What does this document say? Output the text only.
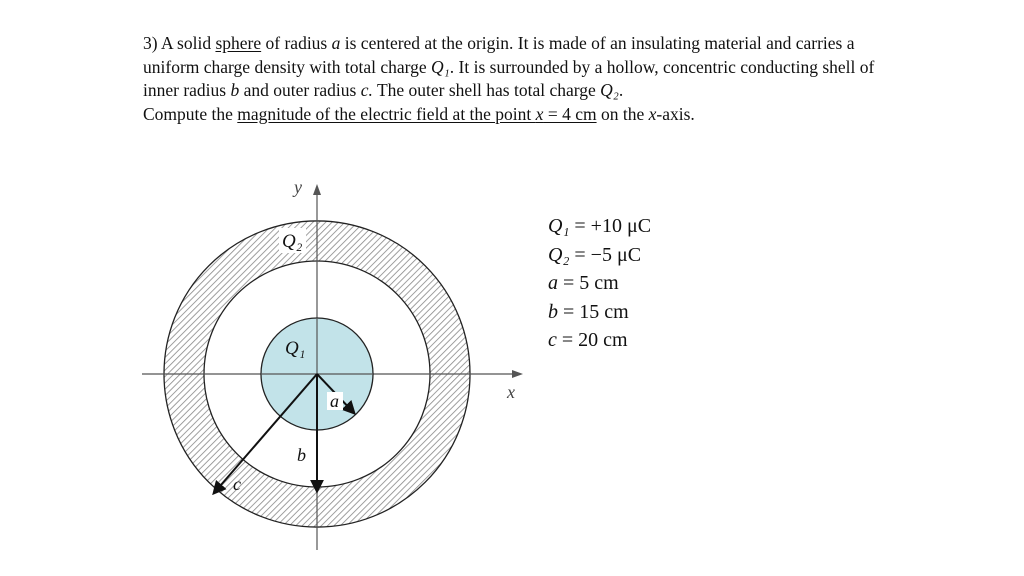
3) A solid sphere of radius a is centered at the origin. It is made of an insulating material and carries a uniform charge density with total charge Q₁. It is surrounded by a hollow, concentric conducting shell of inner radius b and outer radius c. The outer shell has total charge Q₂.

Compute the magnitude of the electric field at the point x = 4 cm on the x-axis.

y
x
Q₂
Q₁
a
b
c
Q₁ = +10 μC
Q₂ = −5 μC
a = 5 cm
b = 15 cm
c = 20 cm
